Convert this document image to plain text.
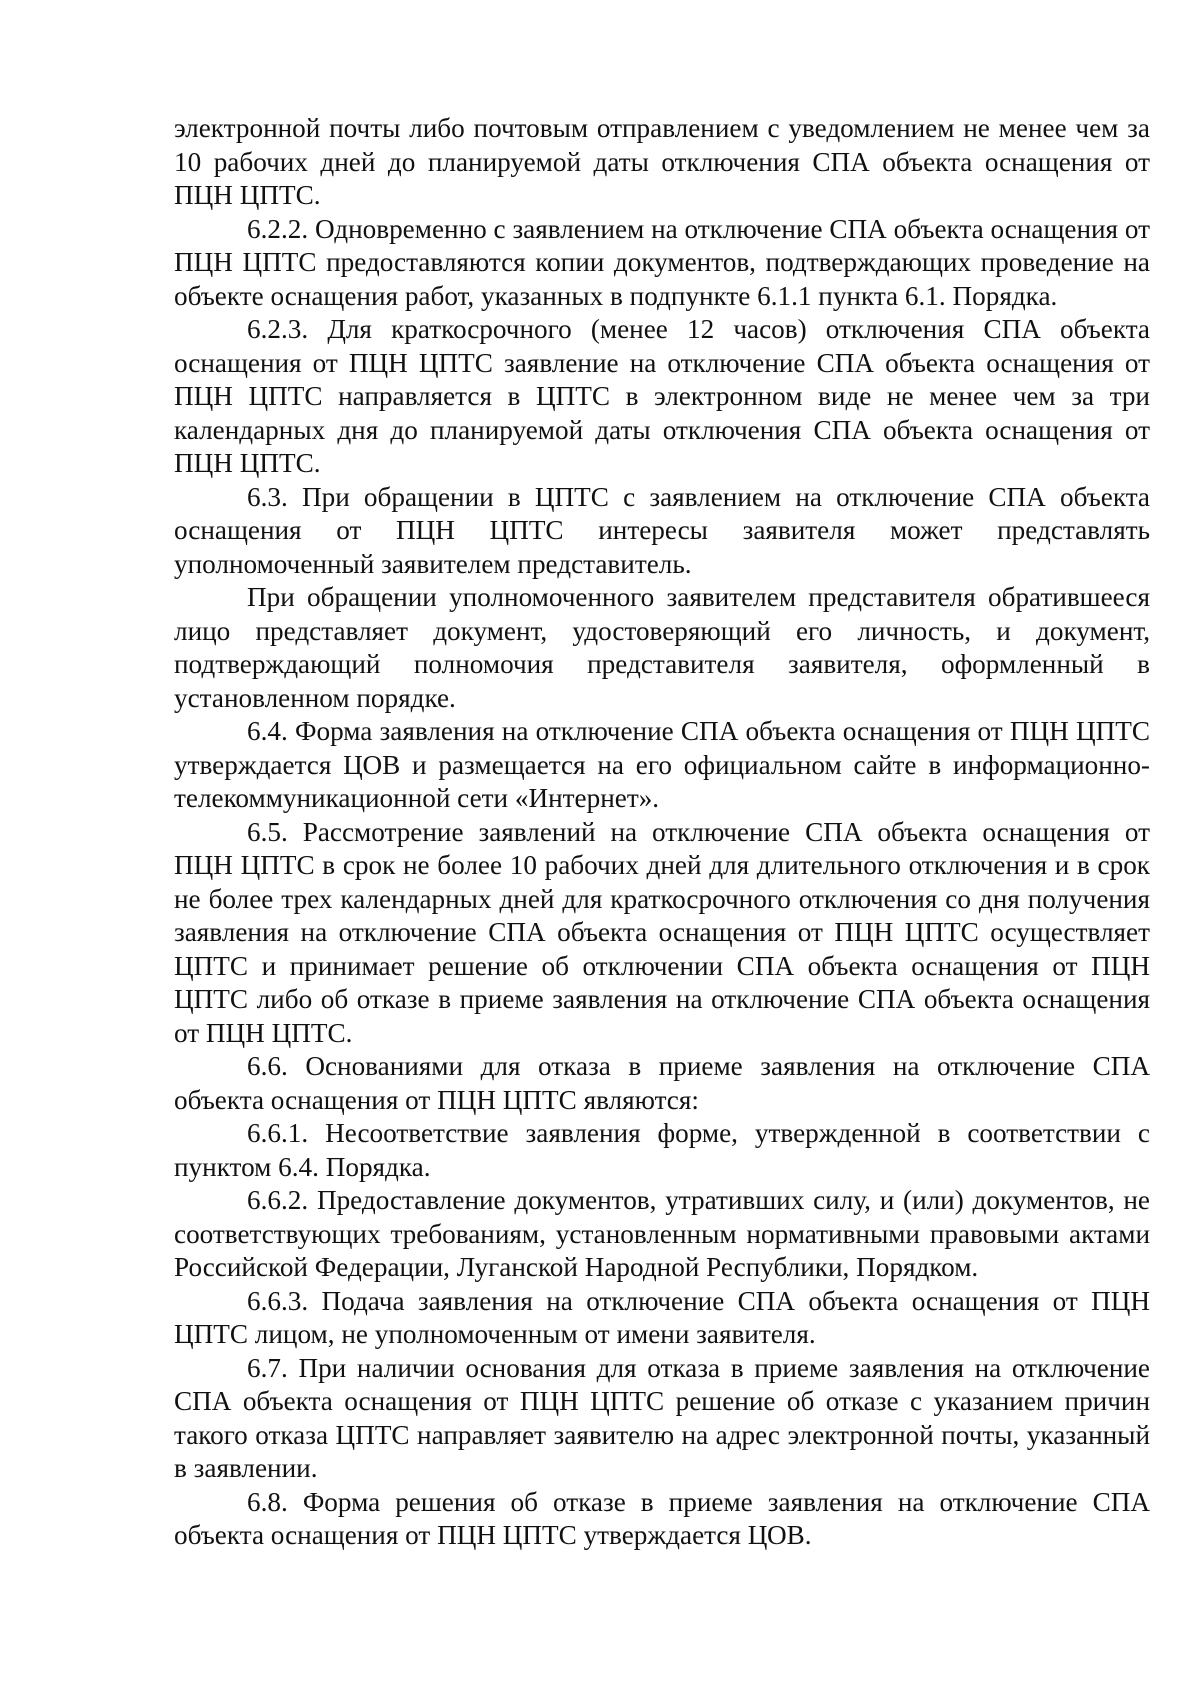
электронной почты либо почтовым отправлением с уведомлением не менее чем за 10 рабочих дней до планируемой даты отключения СПА объекта оснащения от ПЦН ЦПТС.

6.2.2. Одновременно с заявлением на отключение СПА объекта оснащения от ПЦН ЦПТС предоставляются копии документов, подтверждающих проведение на объекте оснащения работ, указанных в подпункте 6.1.1 пункта 6.1. Порядка.

6.2.3. Для краткосрочного (менее 12 часов) отключения СПА объекта оснащения от ПЦН ЦПТС заявление на отключение СПА объекта оснащения от ПЦН ЦПТС направляется в ЦПТС в электронном виде не менее чем за три календарных дня до планируемой даты отключения СПА объекта оснащения от ПЦН ЦПТС.

6.3. При обращении в ЦПТС с заявлением на отключение СПА объекта оснащения от ПЦН ЦПТС интересы заявителя может представлять уполномоченный заявителем представитель.

При обращении уполномоченного заявителем представителя обратившееся лицо представляет документ, удостоверяющий его личность, и документ, подтверждающий полномочия представителя заявителя, оформленный в установленном порядке.

6.4. Форма заявления на отключение СПА объекта оснащения от ПЦН ЦПТС утверждается ЦОВ и размещается на его официальном сайте в информационно-телекоммуникационной сети «Интернет».

6.5. Рассмотрение заявлений на отключение СПА объекта оснащения от ПЦН ЦПТС в срок не более 10 рабочих дней для длительного отключения и в срок не более трех календарных дней для краткосрочного отключения со дня получения заявления на отключение СПА объекта оснащения от ПЦН ЦПТС осуществляет ЦПТС и принимает решение об отключении СПА объекта оснащения от ПЦН ЦПТС либо об отказе в приеме заявления на отключение СПА объекта оснащения от ПЦН ЦПТС.

6.6. Основаниями для отказа в приеме заявления на отключение СПА объекта оснащения от ПЦН ЦПТС являются:

6.6.1. Несоответствие заявления форме, утвержденной в соответствии с пунктом 6.4. Порядка.

6.6.2. Предоставление документов, утративших силу, и (или) документов, не соответствующих требованиям, установленным нормативными правовыми актами Российской Федерации, Луганской Народной Республики, Порядком.

6.6.3. Подача заявления на отключение СПА объекта оснащения от ПЦН ЦПТС лицом, не уполномоченным от имени заявителя.

6.7. При наличии основания для отказа в приеме заявления на отключение СПА объекта оснащения от ПЦН ЦПТС решение об отказе с указанием причин такого отказа ЦПТС направляет заявителю на адрес электронной почты, указанный в заявлении.

6.8. Форма решения об отказе в приеме заявления на отключение СПА объекта оснащения от ПЦН ЦПТС утверждается ЦОВ.
